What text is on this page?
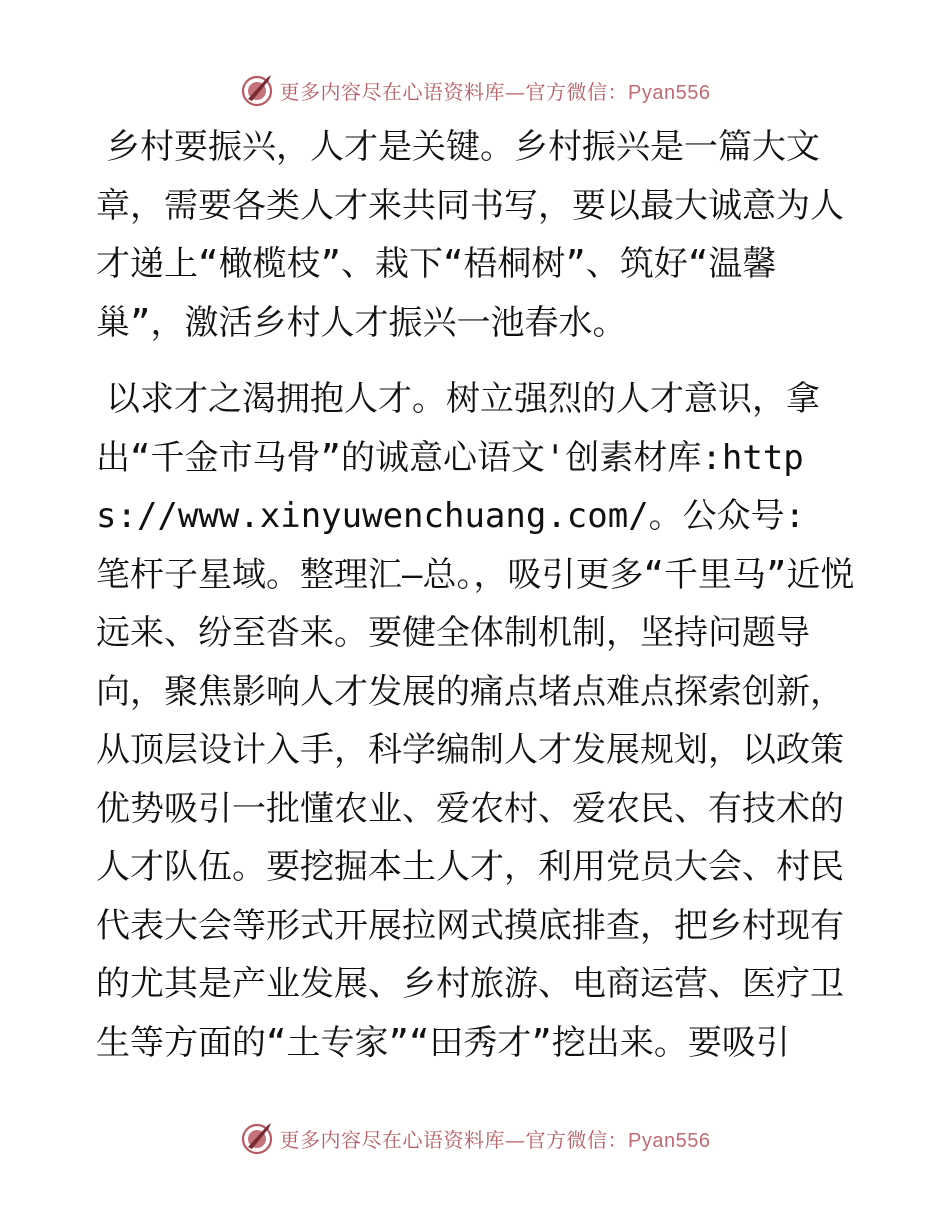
更多内容尽在心语资料库—官方微信：Pyan556

乡村要振兴，人才是关键。乡村振兴是一篇大文章，需要各类人才来共同书写，要以最大诚意为人才递上“橄榄枝”、栽下“梧桐树”、筑好“温馨巢”，激活乡村人才振兴一池春水。

以求才之渴拥抱人才。树立强烈的人才意识，拿出“千金市马骨”的诚意心语文'创素材库:https://www.xinyuwenchuang.com/。公众号: 笔杆子星域。整理汇—总。，吸引更多“千里马”近悦远来、纷至沓来。要健全体制机制，坚持问题导向，聚焦影响人才发展的痛点堵点难点探索创新，从顶层设计入手，科学编制人才发展规划，以政策优势吸引一批懂农业、爱农村、爱农民、有技术的人才队伍。要挖掘本土人才，利用党员大会、村民代表大会等形式开展拉网式摸底排查，把乡村现有的尤其是产业发展、乡村旅游、电商运营、医疗卫生等方面的“土专家”“田秀才”挖出来。要吸引

更多内容尽在心语资料库—官方微信：Pyan556
